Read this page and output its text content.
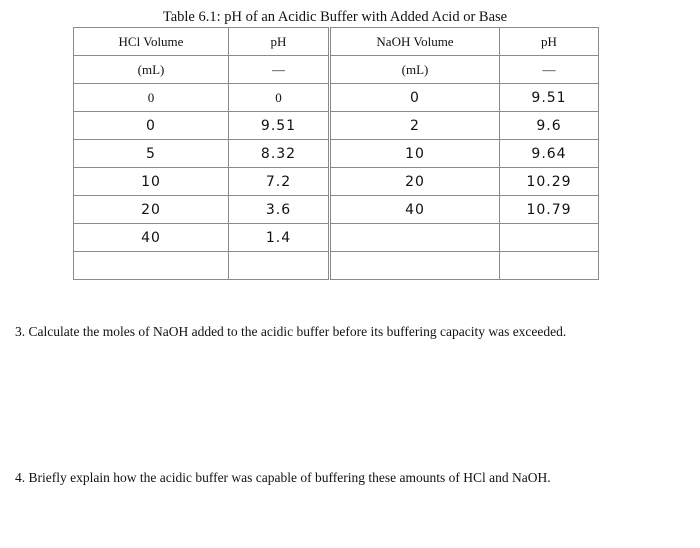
Table 6.1: pH of an Acidic Buffer with Added Acid or Base
HCl Volume	pH	NaOH Volume	pH
(mL)	—	(mL)	—
0	0	0	9.51
0	9.51	2	9.6
5	8.32	10	9.64
10	7.2	20	10.29
20	3.6	40	10.79
40	1.4		

3. Calculate the moles of NaOH added to the acidic buffer before its buffering capacity was exceeded.
4. Briefly explain how the acidic buffer was capable of buffering these amounts of HCl and NaOH.
